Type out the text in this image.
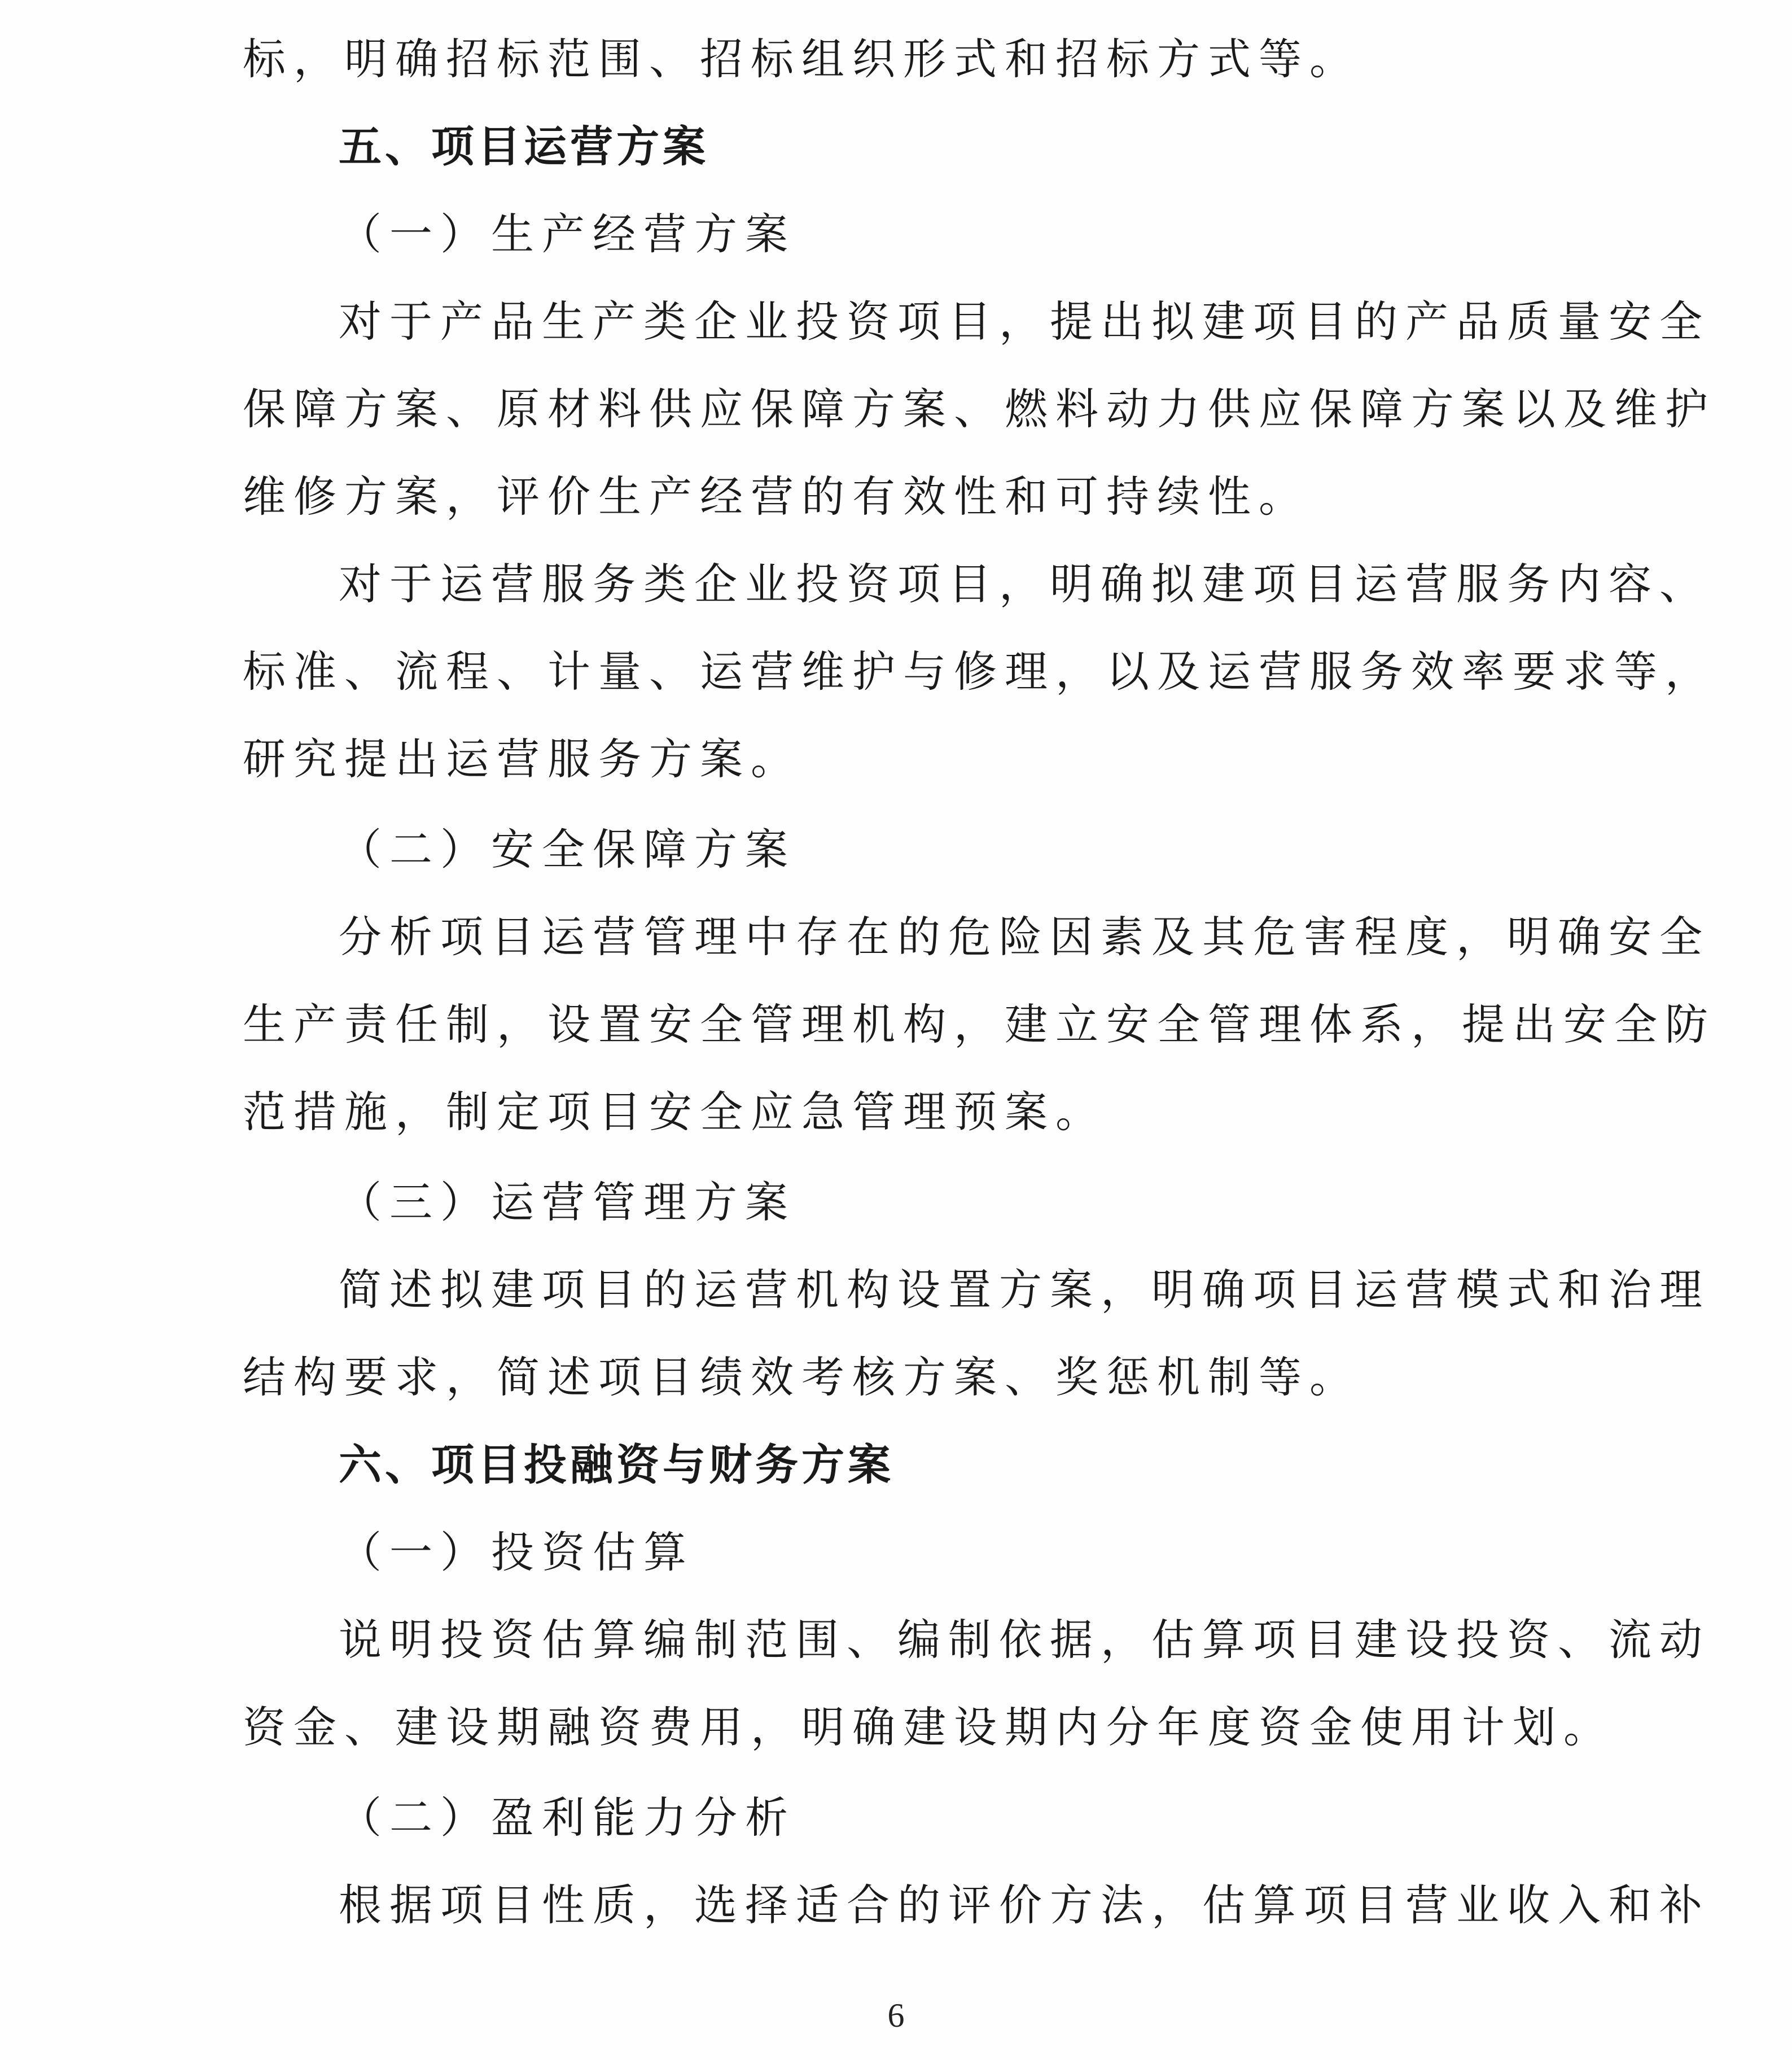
标，明确招标范围、招标组织形式和招标方式等。
五、项目运营方案
（一）生产经营方案
对于产品生产类企业投资项目，提出拟建项目的产品质量安全
保障方案、原材料供应保障方案、燃料动力供应保障方案以及维护
维修方案，评价生产经营的有效性和可持续性。
对于运营服务类企业投资项目，明确拟建项目运营服务内容、
标准、流程、计量、运营维护与修理，以及运营服务效率要求等，
研究提出运营服务方案。
（二）安全保障方案
分析项目运营管理中存在的危险因素及其危害程度，明确安全
生产责任制，设置安全管理机构，建立安全管理体系，提出安全防
范措施，制定项目安全应急管理预案。
（三）运营管理方案
简述拟建项目的运营机构设置方案，明确项目运营模式和治理
结构要求，简述项目绩效考核方案、奖惩机制等。
六、项目投融资与财务方案
（一）投资估算
说明投资估算编制范围、编制依据，估算项目建设投资、流动
资金、建设期融资费用，明确建设期内分年度资金使用计划。
（二）盈利能力分析
根据项目性质，选择适合的评价方法，估算项目营业收入和补
6
